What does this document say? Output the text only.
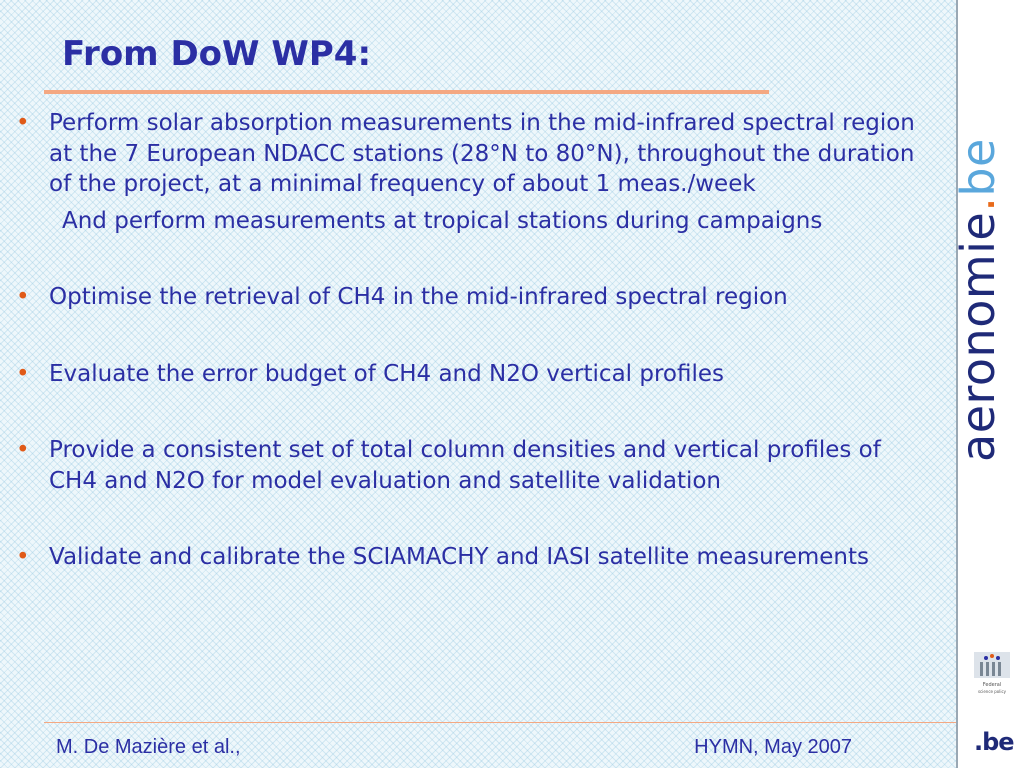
From DoW WP4:
• Perform solar absorption measurements in the mid-infrared spectral region at the 7 European NDACC stations (28°N to 80°N), throughout the duration of the project, at a minimal frequency of about 1 meas./week
And perform measurements at tropical stations during campaigns
• Optimise the retrieval of CH4 in the mid-infrared spectral region
• Evaluate the error budget of CH4 and N2O vertical profiles
• Provide a consistent set of total column densities and vertical profiles of CH4 and N2O for model evaluation and satellite validation
• Validate and calibrate the SCIAMACHY and IASI satellite measurements
M. De Mazière et al.,	HYMN, May 2007
aeronomie.be
Federal
science policy
.be
